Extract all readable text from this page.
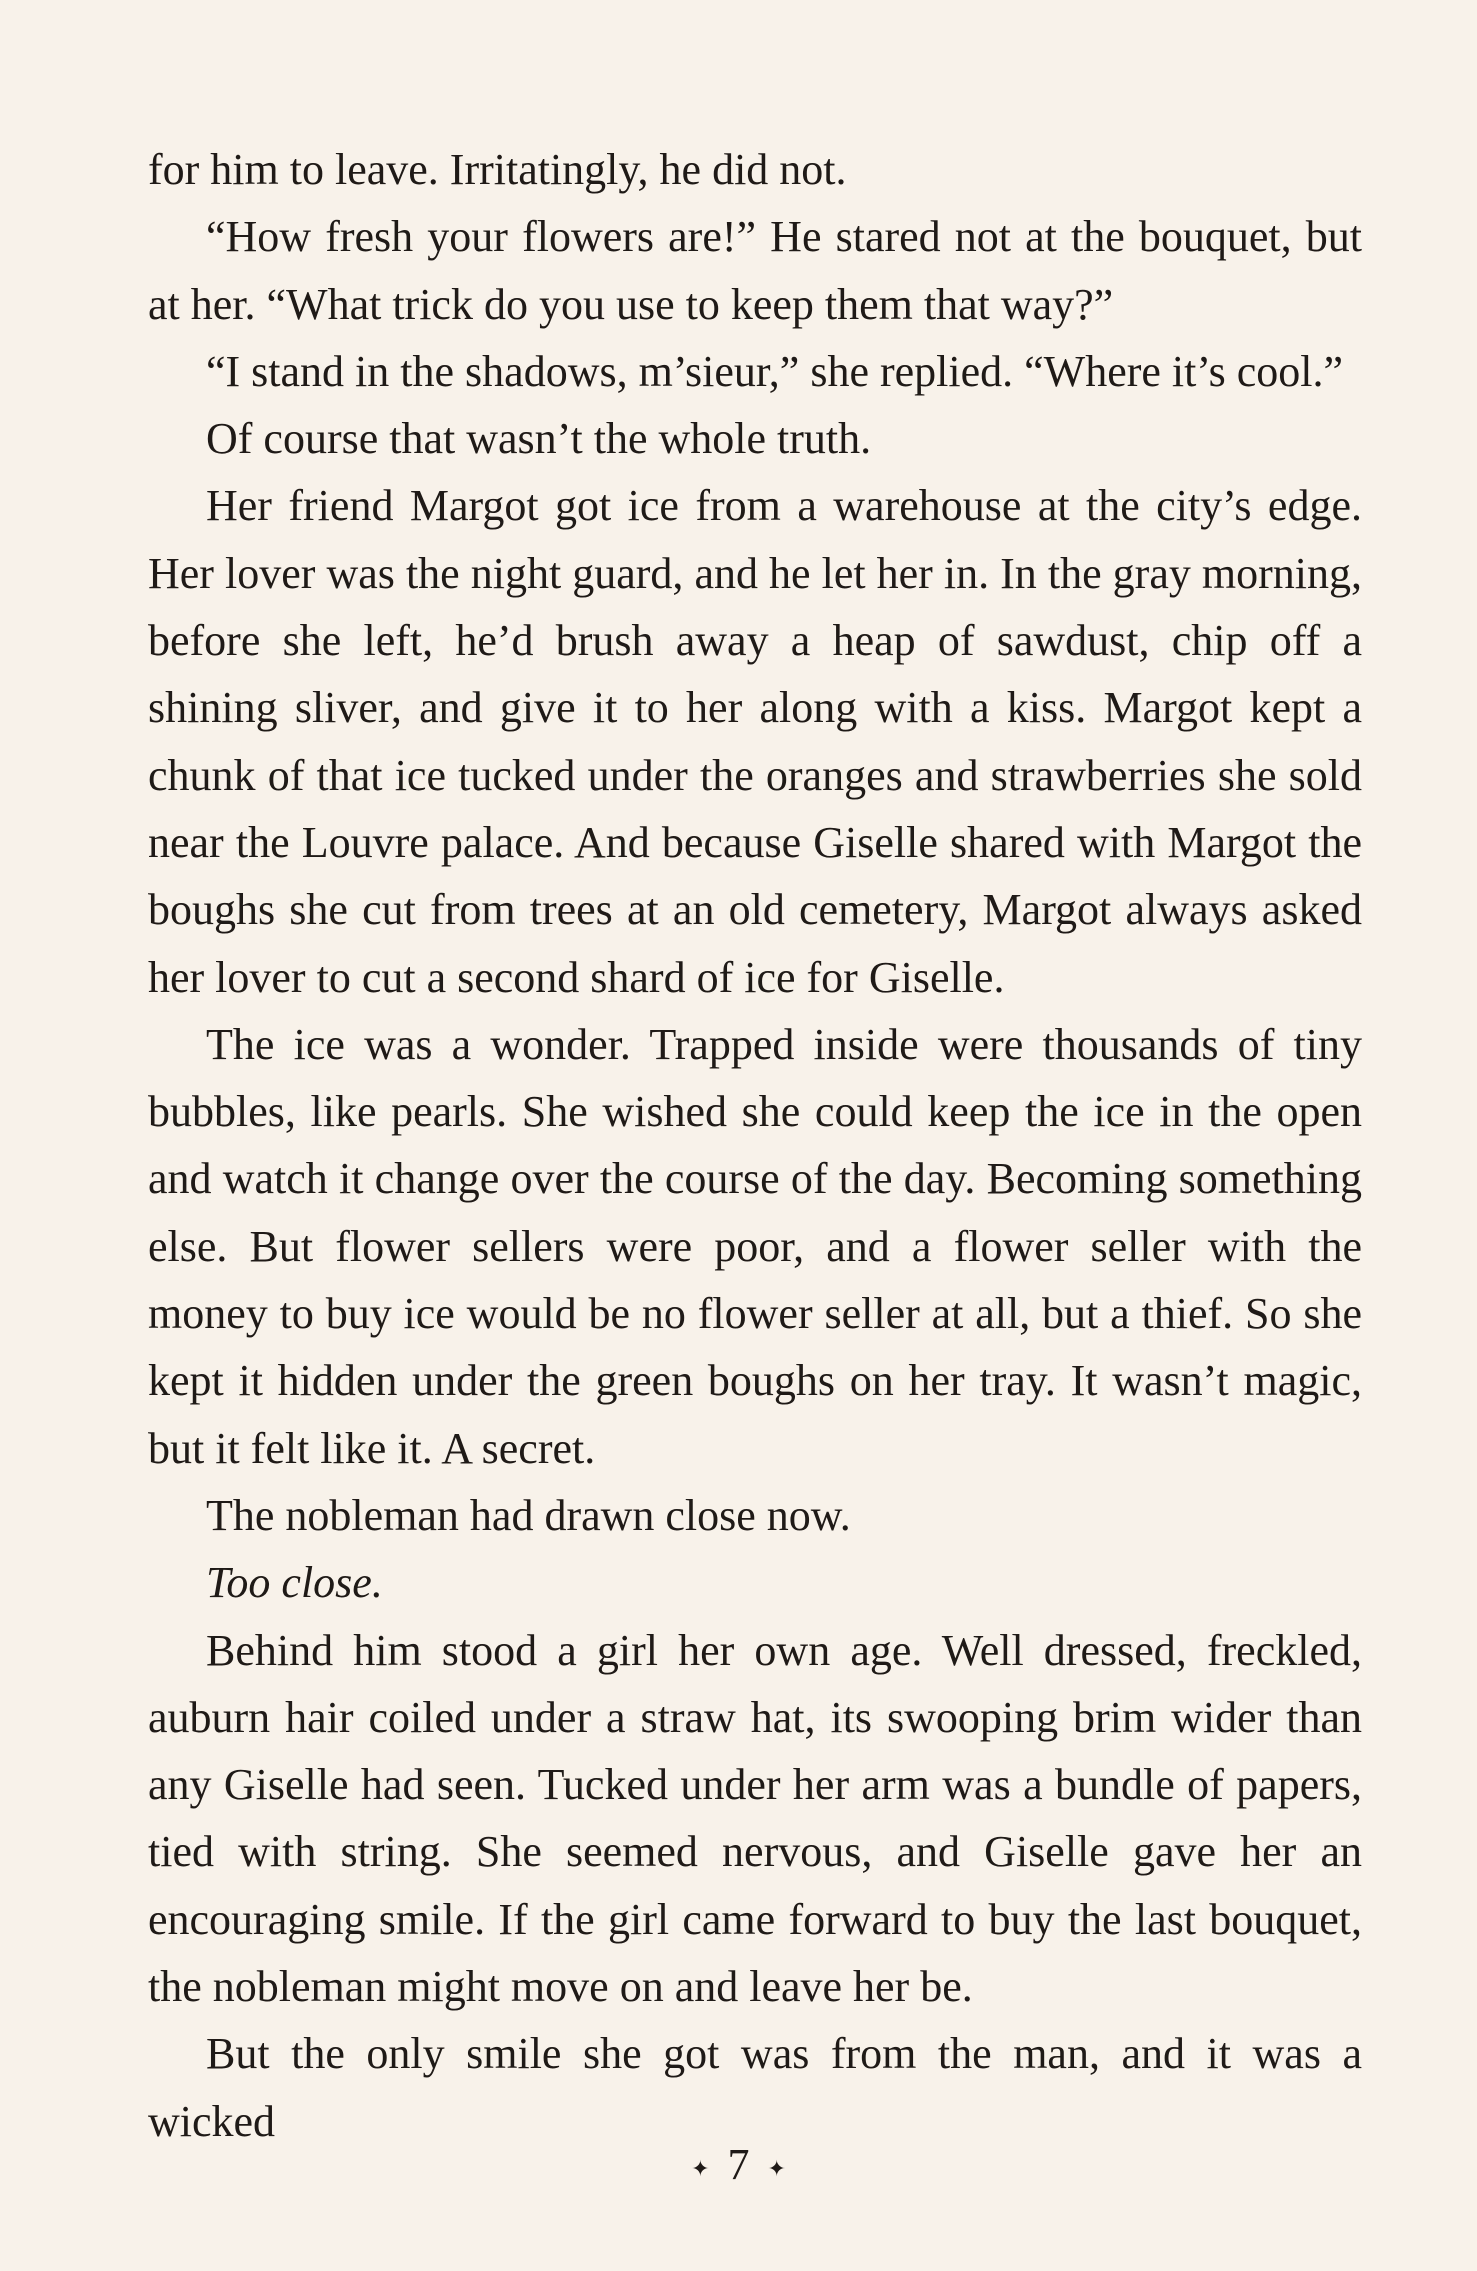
for him to leave. Irritatingly, he did not.

“How fresh your flowers are!” He stared not at the bouquet, but at her. “What trick do you use to keep them that way?”

“I stand in the shadows, m’sieur,” she replied. “Where it’s cool.”

Of course that wasn’t the whole truth.

Her friend Margot got ice from a warehouse at the city’s edge. Her lover was the night guard, and he let her in. In the gray morning, before she left, he’d brush away a heap of sawdust, chip off a shining sliver, and give it to her along with a kiss. Margot kept a chunk of that ice tucked under the oranges and strawberries she sold near the Louvre palace. And because Giselle shared with Margot the boughs she cut from trees at an old cemetery, Margot always asked her lover to cut a second shard of ice for Giselle.

The ice was a wonder. Trapped inside were thousands of tiny bubbles, like pearls. She wished she could keep the ice in the open and watch it change over the course of the day. Becoming something else. But flower sellers were poor, and a flower seller with the money to buy ice would be no flower seller at all, but a thief. So she kept it hidden under the green boughs on her tray. It wasn’t magic, but it felt like it. A secret.

The nobleman had drawn close now.

Too close.

Behind him stood a girl her own age. Well dressed, freckled, auburn hair coiled under a straw hat, its swooping brim wider than any Giselle had seen. Tucked under her arm was a bundle of papers, tied with string. She seemed nervous, and Giselle gave her an encouraging smile. If the girl came forward to buy the last bouquet, the nobleman might move on and leave her be.

But the only smile she got was from the man, and it was a wicked

✦ 7 ✦
